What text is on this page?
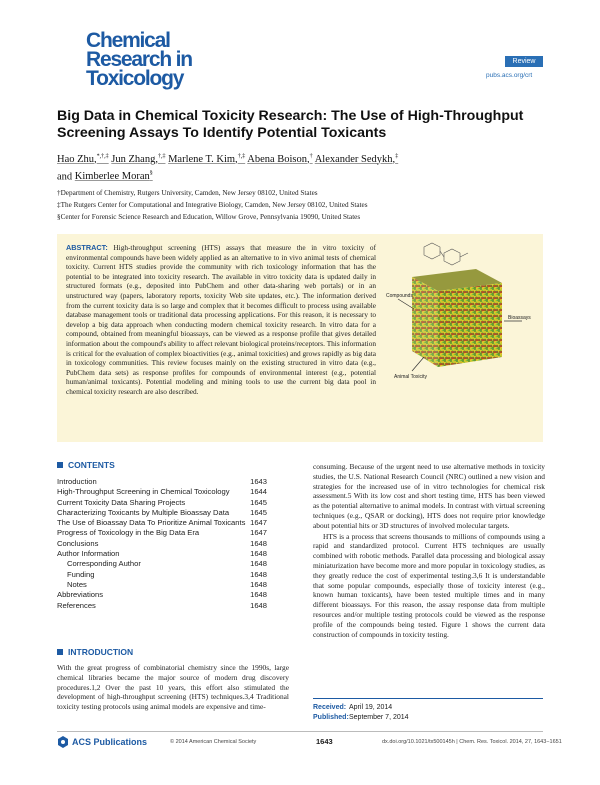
Chemical
Research in
Toxicology
Review
pubs.acs.org/crt
Big Data in Chemical Toxicity Research: The Use of High-Throughput Screening Assays To Identify Potential Toxicants
Hao Zhu,*,†,‡ Jun Zhang,†,‡ Marlene T. Kim,†,‡ Abena Boison,† Alexander Sedykh,‡
and Kimberlee Moran§
†Department of Chemistry, Rutgers University, Camden, New Jersey 08102, United States
‡The Rutgers Center for Computational and Integrative Biology, Camden, New Jersey 08102, United States
§Center for Forensic Science Research and Education, Willow Grove, Pennsylvania 19090, United States
Compounds
Bioassays
Animal Toxicity
ABSTRACT: High-throughput screening (HTS) assays that measure the in vitro toxicity of environmental compounds have been widely applied as an alternative to in vivo animal tests of chemical toxicity. Current HTS studies provide the community with rich toxicology information that has the potential to be integrated into toxicity research. The available in vitro toxicity data is updated daily in structured formats (e.g., deposited into PubChem and other data-sharing web portals) or in an unstructured way (papers, laboratory reports, toxicity Web site updates, etc.). The information derived from the current toxicity data is so large and complex that it becomes difficult to process using available database management tools or traditional data processing applications. For this reason, it is necessary to develop a big data approach when conducting modern chemical toxicity research. In vitro data for a compound, obtained from meaningful bioassays, can be viewed as a response profile that gives detailed information about the compound's ability to affect relevant biological proteins/receptors. This information is critical for the evaluation of complex bioactivities (e.g., animal toxicities) and grows rapidly as big data in toxicology communities. This review focuses mainly on the existing structured in vitro data (e.g., PubChem data sets) as response profiles for compounds of environmental interest (e.g., potential human/animal toxicants). Potential modeling and mining tools to use the current big data pool in chemical toxicity research are also described.
CONTENTS
Introduction	1643
High-Throughput Screening in Chemical Toxicology	1644
Current Toxicity Data Sharing Projects	1645
Characterizing Toxicants by Multiple Bioassay Data	1645
The Use of Bioassay Data To Prioritize Animal Toxicants 1647
Progress of Toxicology in the Big Data Era	1647
Conclusions	1648
Author Information	1648
Corresponding Author	1648
Funding	1648
Notes	1648
Abbreviations	1648
References	1648
INTRODUCTION
With the great progress of combinatorial chemistry since the 1990s, large chemical libraries became the major source of modern drug discovery procedures.1,2 Over the past 10 years, this effort also stimulated the development of high-throughput screening (HTS) techniques.3,4 Traditional toxicity testing protocols using animal models are expensive and time-

consuming. Because of the urgent need to use alternative methods in toxicity studies, the U.S. National Research Council (NRC) outlined a new vision and strategies for the increased use of in vitro technologies for chemical risk assessment.5 With its low cost and short testing time, HTS has been viewed as the potential alternative to animal models. In contrast with virtual screening techniques (e.g., QSAR or docking), HTS does not require prior knowledge about potential hits or 3D structures of involved molecular targets.

HTS is a process that screens thousands to millions of compounds using a rapid and standardized protocol. Current HTS techniques are usually combined with robotic methods. Parallel data processing and biological assay miniaturization have become more and more popular in toxicology studies, as they greatly reduce the cost of experimental testing.3,6 It is understandable that some popular compounds, especially those of toxicity interest (e.g., known human toxicants), have been tested multiple times and in many different bioassays. For this reason, the assay response data from multiple resources and/or multiple testing protocols could be viewed as the response profile of the compounds being tested. Figure 1 shows the current data construction of compounds in toxicity testing.

Received: April 19, 2014
Published:September 7, 2014
ACS Publications	© 2014 American Chemical Society	1643	dx.doi.org/10.1021/tx500145h | Chem. Res. Toxicol. 2014, 27, 1643−1651
